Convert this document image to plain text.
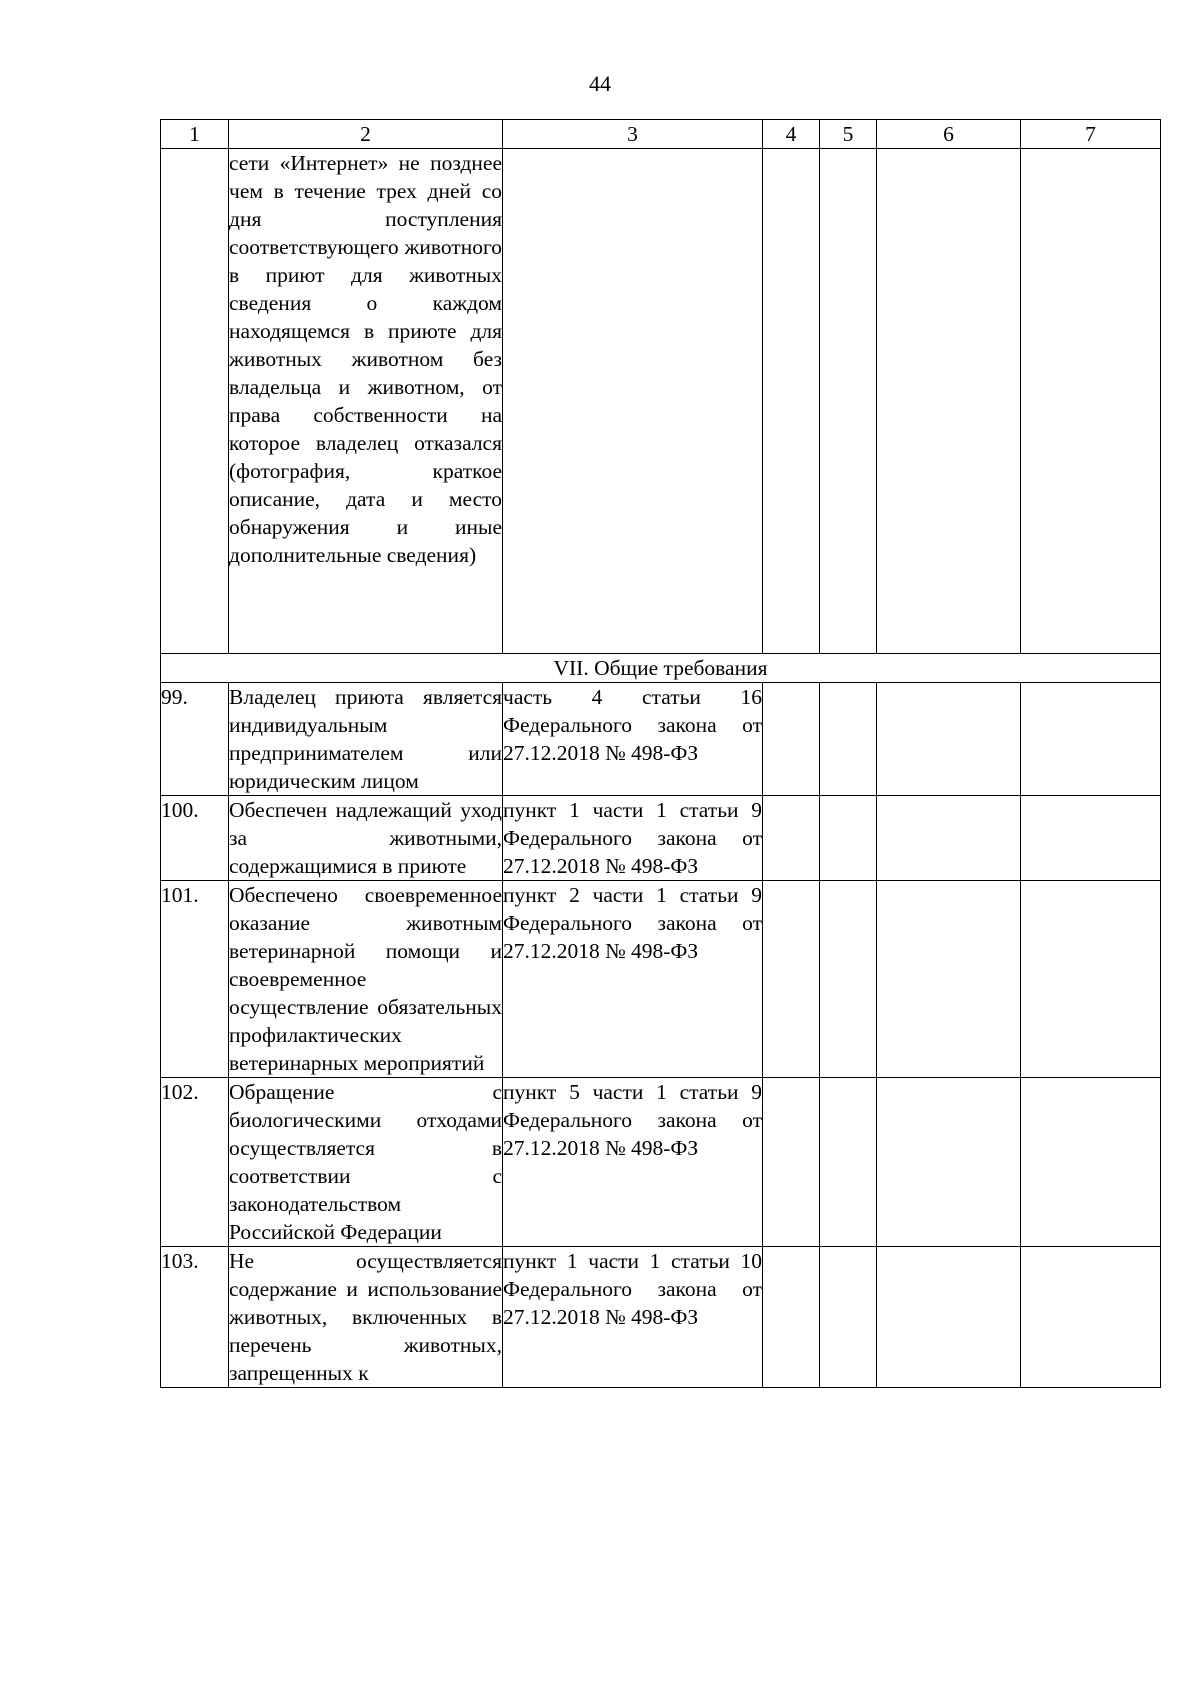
44
1	2	3	4	5	6	7
	сети «Интернет» не позднее чем в течение трех дней со дня поступления соответствующего животного в приют для животных сведения о каждом находящемся в приюте для животных животном без владельца и животном, от права собственности на которое владелец отказался (фотография, краткое описание, дата и место обнаружения и иные дополнительные сведения)					
VII. Общие требования						
99.	Владелец приюта является индивидуальным предпринимателем или юридическим лицом	часть 4 статьи 16 Федерального закона от 27.12.2018 № 498-ФЗ				
100.	Обеспечен надлежащий уход за животными, содержащимися в приюте	пункт 1 части 1 статьи 9 Федерального закона от 27.12.2018 № 498-ФЗ				
101.	Обеспечено своевременное оказание животным ветеринарной помощи и своевременное осуществление обязательных профилактических ветеринарных мероприятий	пункт 2 части 1 статьи 9 Федерального закона от 27.12.2018 № 498-ФЗ				
102.	Обращение с биологическими отходами осуществляется в соответствии с законодательством Российской Федерации	пункт 5 части 1 статьи 9 Федерального закона от 27.12.2018 № 498-ФЗ				
103.	Не осуществляется содержание и использование животных, включенных в перечень животных, запрещенных к	пункт 1 части 1 статьи 10 Федерального закона от 27.12.2018 № 498-ФЗ				
